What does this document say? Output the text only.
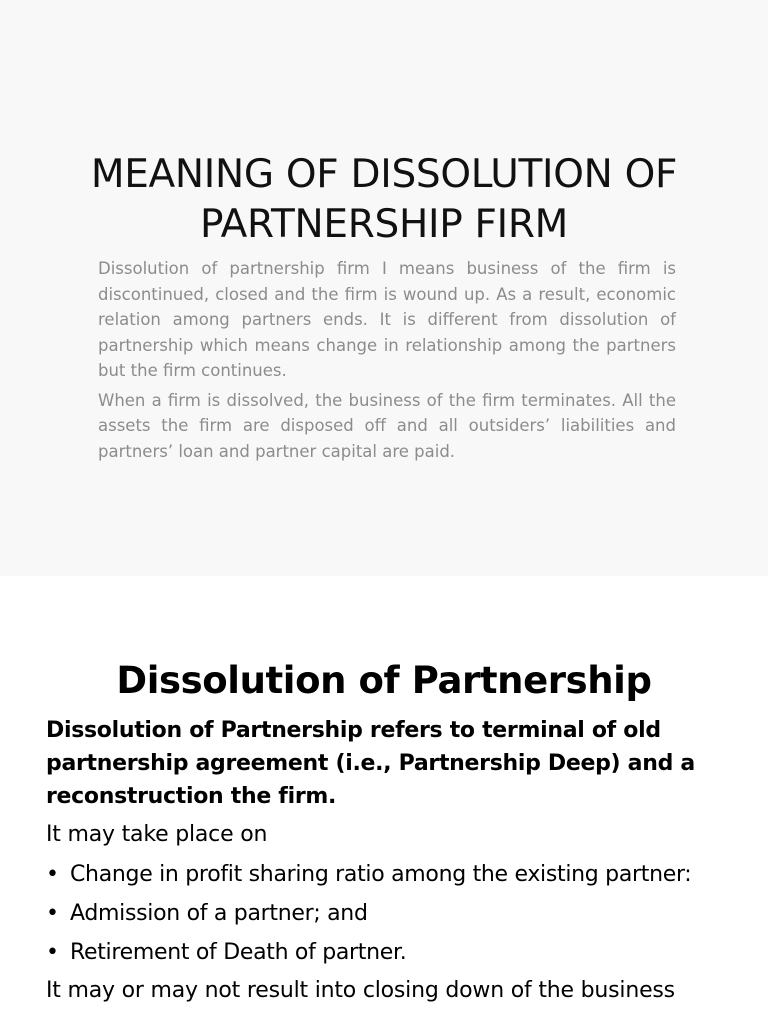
MEANING OF DISSOLUTION OF PARTNERSHIP FIRM

Dissolution of partnership firm I means business of the firm is discontinued, closed and the firm is wound up. As a result, economic relation among partners ends. It is different from dissolution of partnership which means change in relationship among the partners but the firm continues.

When a firm is dissolved, the business of the firm terminates. All the assets the firm are disposed off and all outsiders’ liabilities and partners’ loan and partner capital are paid.

Dissolution of Partnership

Dissolution of Partnership refers to terminal of old partnership agreement (i.e., Partnership Deep) and a reconstruction the firm.

It may take place on

• Change in profit sharing ratio among the existing partner:
• Admission of a partner; and
• Retirement of Death of partner.

It may or may not result into closing down of the business
